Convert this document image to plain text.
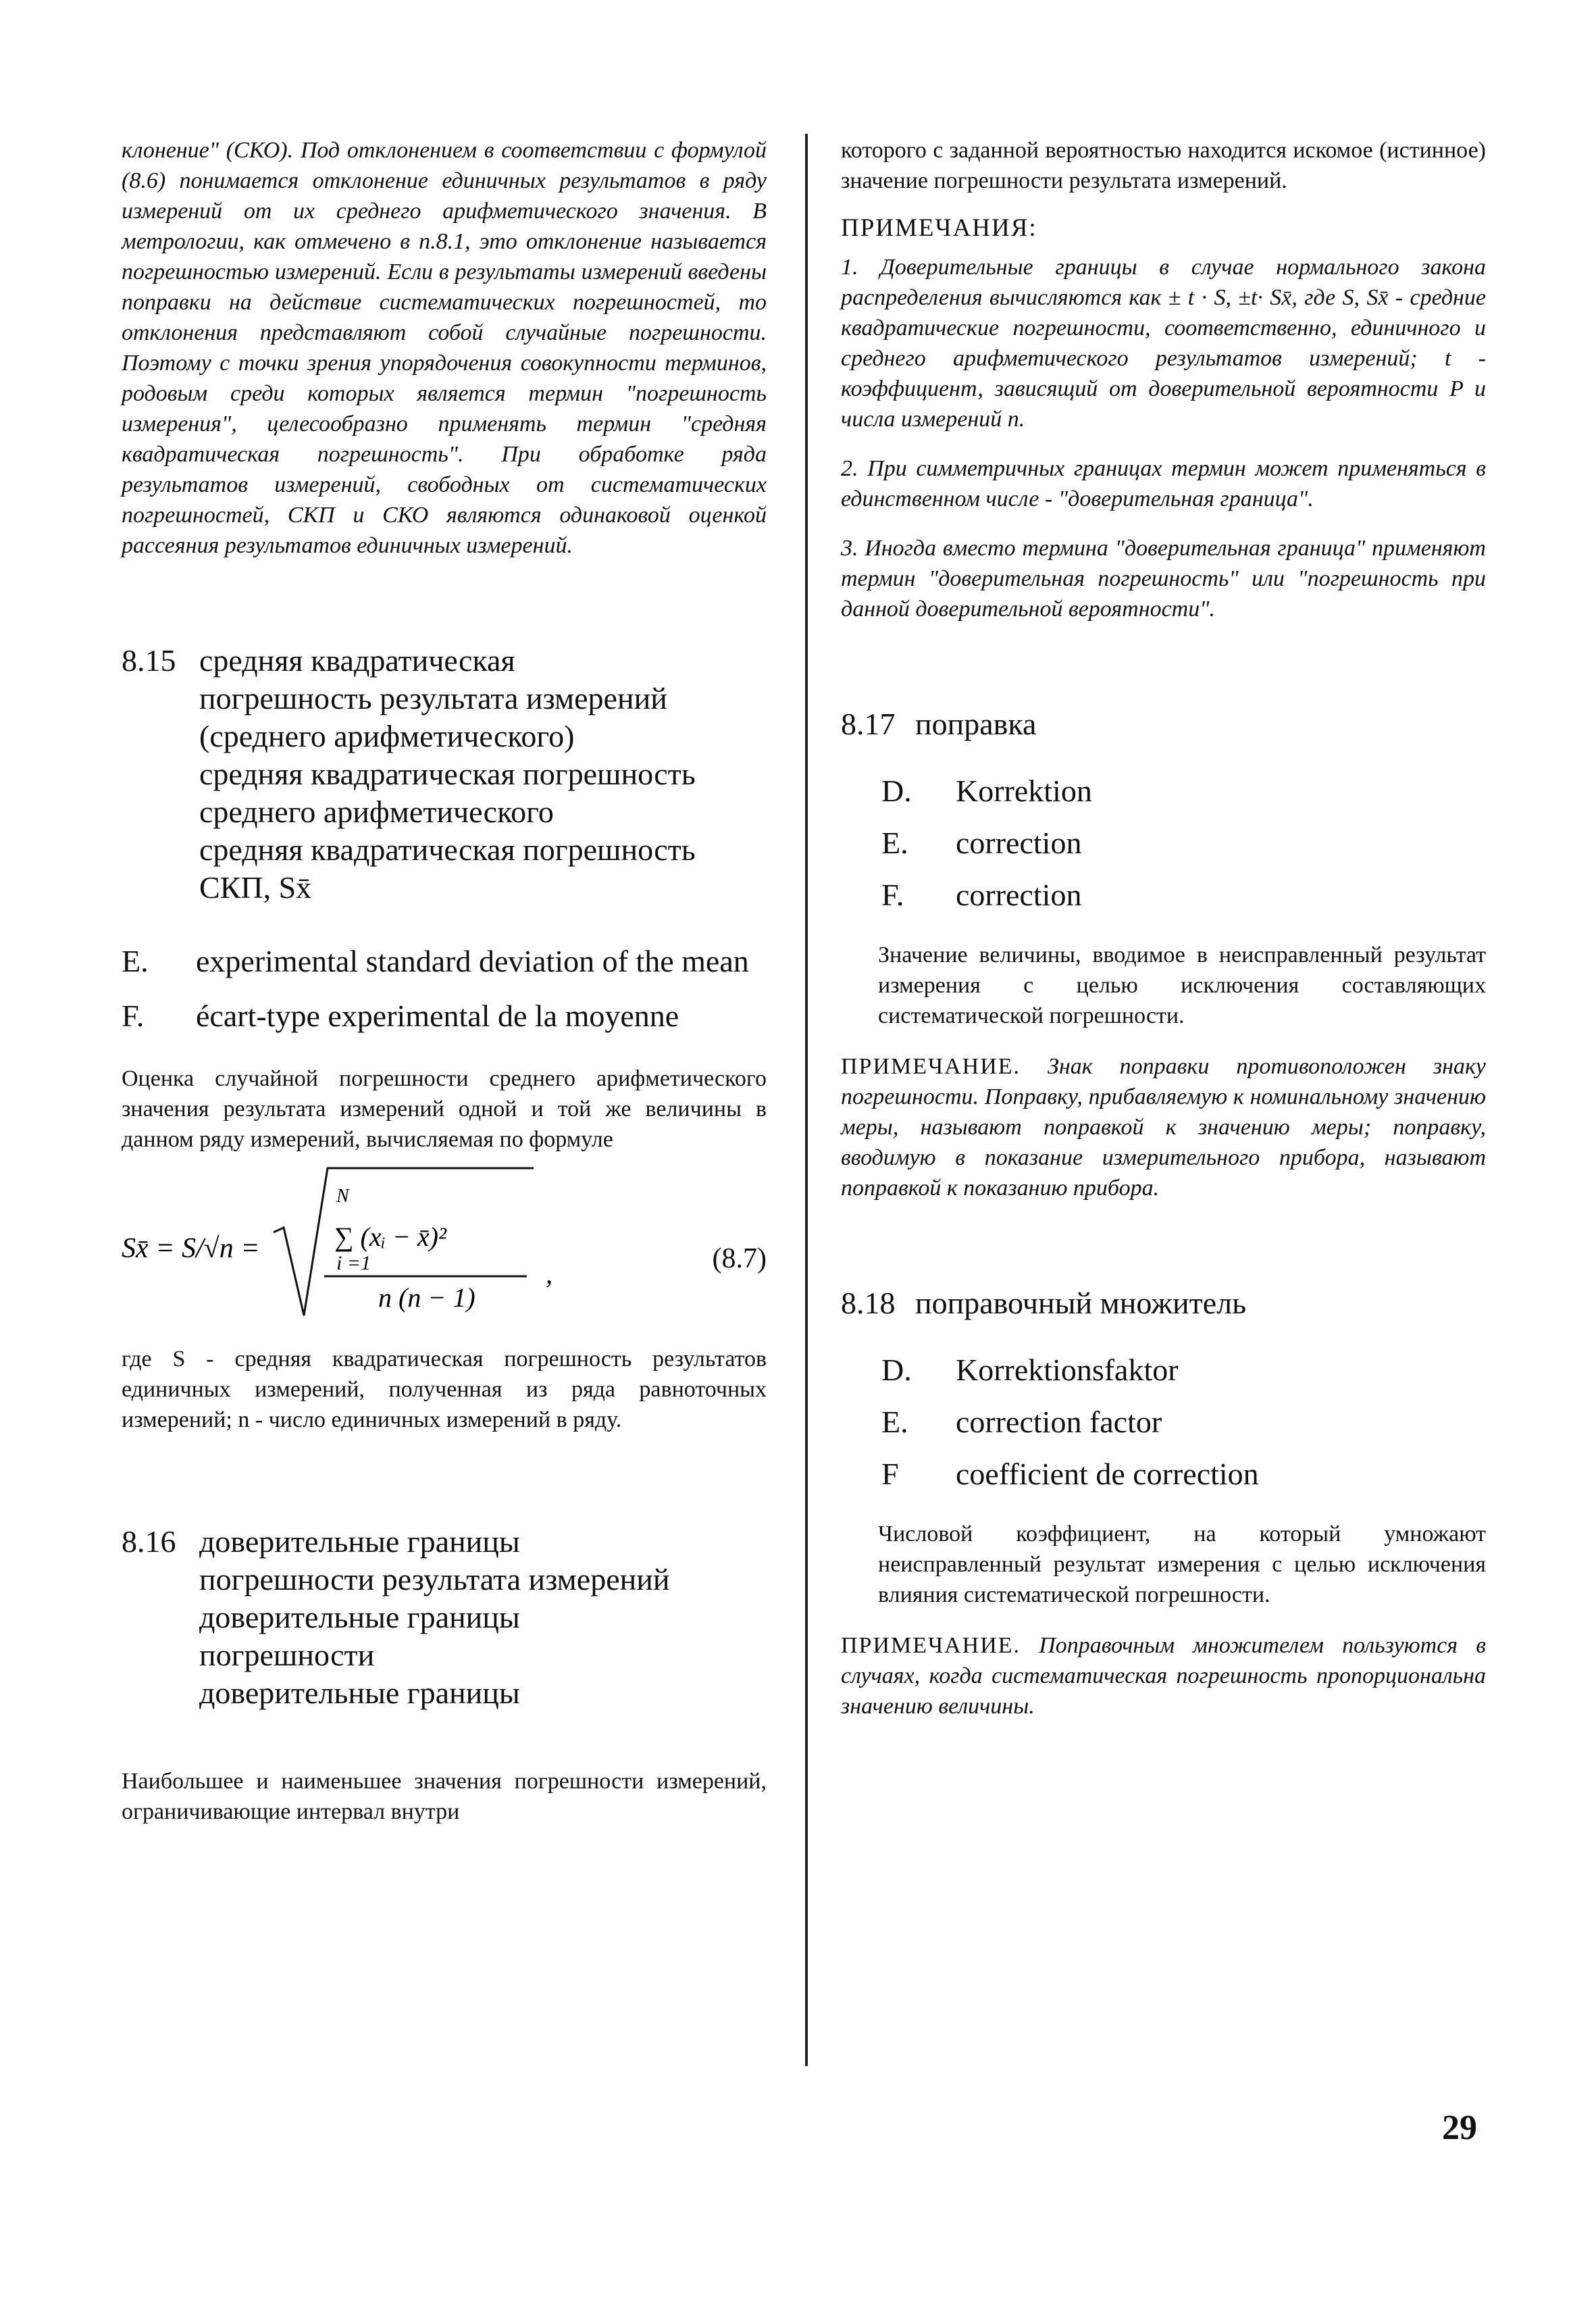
клонение" (СКО). Под отклонением в соответствии с формулой (8.6) понимается отклонение единичных результатов в ряду измерений от их среднего арифметического значения. В метрологии, как отмечено в п.8.1, это отклонение называется погрешностью измерений. Если в результаты измерений введены поправки на действие систематических погрешностей, то отклонения представляют собой случайные погрешности. Поэтому с точки зрения упорядочения совокупности терминов, родовым среди которых является термин "погрешность измерения", целесообразно применять термин "средняя квадратическая погрешность". При обработке ряда результатов измерений, свободных от систематических погрешностей, СКП и СКО являются одинаковой оценкой рассеяния результатов единичных измерений.

8.15 средняя квадратическая
погрешность результата измерений
(среднего арифметического)
средняя квадратическая погрешность
среднего арифметического
средняя квадратическая погрешность
СКП, Sx̄
E.	experimental standard deviation of the mean
F.	écart-type experimental de la moyenne

Оценка случайной погрешности среднего арифметического значения результата измерений одной и той же величины в данном ряду измерений, вычисляемая по формуле

Sx̄ = S/√n =
N
∑ (xᵢ − x̄)²
i =1
n (n − 1)
,	(8.7)

где S - средняя квадратическая погрешность результатов единичных измерений, полученная из ряда равноточных измерений; n - число единичных измерений в ряду.

8.16 доверительные границы
погрешности результата измерений
доверительные границы
погрешности
доверительные границы

Наибольшее и наименьшее значения погрешности измерений, ограничивающие интервал внутри

которого с заданной вероятностью находится искомое (истинное) значение погрешности результата измерений.

ПРИМЕЧАНИЯ:

1. Доверительные границы в случае нормального закона распределения вычисляются как ± t · S, ±t· Sx̄, где S, Sx̄ - средние квадратические погрешности, соответственно, единичного и среднего арифметического результатов измерений; t - коэффициент, зависящий от доверительной вероятности P и числа измерений n.

2. При симметричных границах термин может применяться в единственном числе - "доверительная граница".

3. Иногда вместо термина "доверительная граница" применяют термин "доверительная погрешность" или "погрешность при данной доверительной вероятности".

8.17 поправка
D.	Korrektion
E.	correction
F.	correction

Значение величины, вводимое в неисправленный результат измерения с целью исключения составляющих систематической погрешности.

ПРИМЕЧАНИЕ. Знак поправки противоположен знаку погрешности. Поправку, прибавляемую к номинальному значению меры, называют поправкой к значению меры; поправку, вводимую в показание измерительного прибора, называют поправкой к показанию прибора.

8.18 поправочный множитель
D.	Korrektionsfaktor
E.	correction factor
F	coefficient de correction

Числовой коэффициент, на который умножают неисправленный результат измерения с целью исключения влияния систематической погрешности.

ПРИМЕЧАНИЕ. Поправочным множителем пользуются в случаях, когда систематическая погрешность пропорциональна значению величины.

29
